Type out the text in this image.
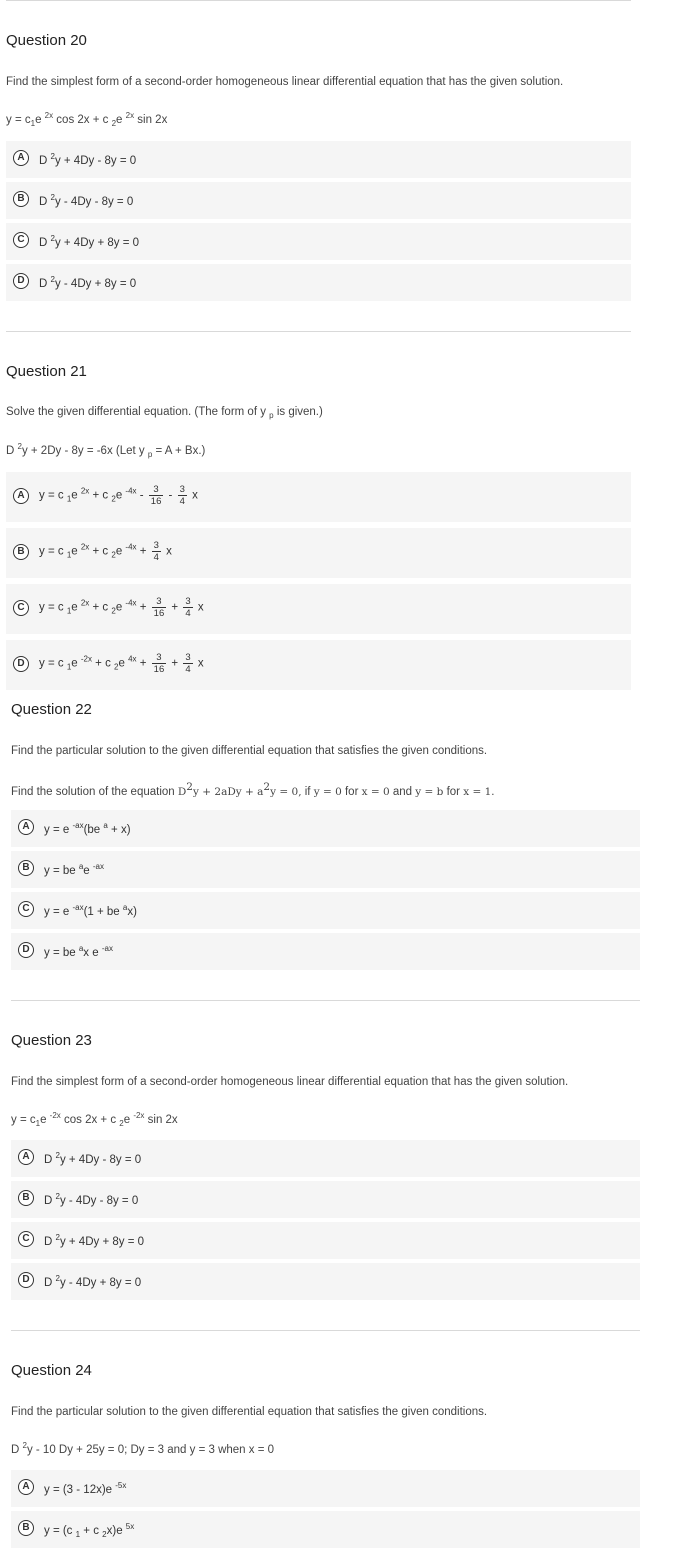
Question 20
Find the simplest form of a second-order homogeneous linear differential equation that has the given solution.
$y = c_1e$ $^{2x}$ cos 2x + c $_2$e $^{2x}$ sin 2x
A	D $^2$y + 4Dy - 8y = 0
B	D $^2$y - 4Dy - 8y = 0
C	D $^2$y + 4Dy + 8y = 0
D	D $^2$y - 4Dy + 8y = 0
Question 21
Solve the given differential equation. (The form of y $_p$ is given.)
D $^2$y + 2Dy - 8y = -6x (Let y $_p$ = A + Bx.)
A	y = c $_1$e $^{2x}$ + c $_2$e $^{-4x} - \frac{3}{16} - \frac{3}{4}$ x
B	y = c $_1$e $^{2x}$ + c $_2$e $^{-4x} + \frac{3}{4}$ x
C	y = c $_1$e $^{2x}$ + c $_2$e $^{-4x} + \frac{3}{16} + \frac{3}{4}$ x
D	y = c $_1$e $^{-2x}$ + c $_2$e $^{4x} + \frac{3}{16} + \frac{3}{4}$ x
Question 22
Find the particular solution to the given differential equation that satisfies the given conditions.
Find the solution of the equation $D^2y + 2aDy + a^2y = 0$, if y = 0 for x = 0 and y = b for x = 1.
A	y = e $^{-ax}$(be $^a$ + x)
B	y = be $^a$e $^{-ax}$
C	y = e $^{-ax}$(1 + be $^a$x)
D	y = be $^a$x e $^{-ax}$
Question 23
Find the simplest form of a second-order homogeneous linear differential equation that has the given solution.
$y = c_1e$ $^{-2x}$ cos 2x + c $_2$e $^{-2x}$ sin 2x
A	D $^2$y + 4Dy - 8y = 0
B	D $^2$y - 4Dy - 8y = 0
C	D $^2$y + 4Dy + 8y = 0
D	D $^2$y - 4Dy + 8y = 0
Question 24
Find the particular solution to the given differential equation that satisfies the given conditions.
D $^2$y - 10 Dy + 25y = 0; Dy = 3 and y = 3 when x = 0
A	y = (3 - 12x)e $^{-5x}$
B	y = (c $_1$ + c $_2$x)e $^{5x}$
